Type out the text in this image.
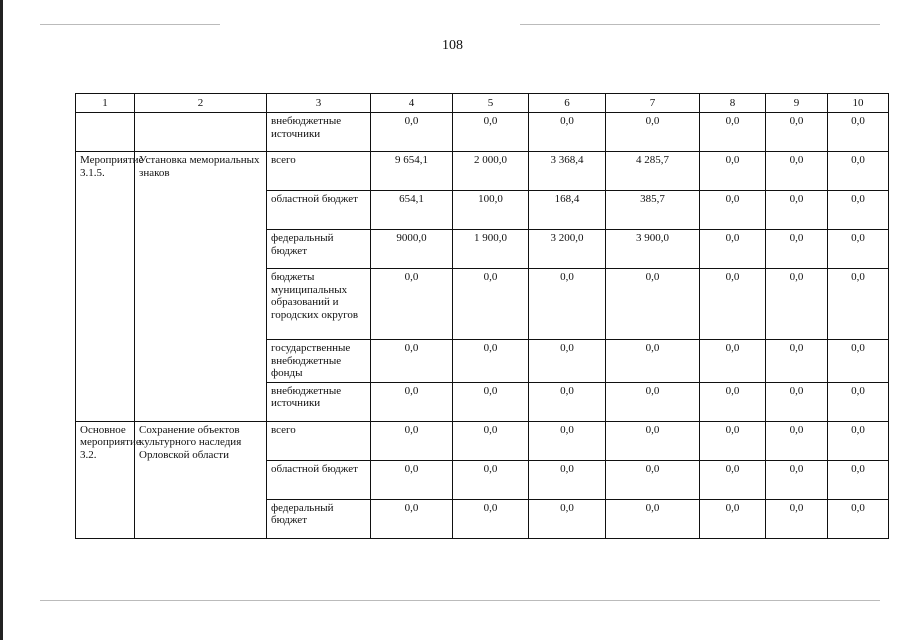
108
1	2	3	4	5	6	7	8	9	10
		внебюджетные источники	0,0	0,0	0,0	0,0	0,0	0,0	0,0
Мероприятие 3.1.5.	Установка мемориальных знаков	всего	9 654,1	2 000,0	3 368,4	4 285,7	0,0	0,0	0,0
		областной бюджет	654,1	100,0	168,4	385,7	0,0	0,0	0,0
		федеральный бюджет	9000,0	1 900,0	3 200,0	3 900,0	0,0	0,0	0,0
		бюджеты муниципальных образований и городских округов	0,0	0,0	0,0	0,0	0,0	0,0	0,0
		государственные внебюджетные фонды	0,0	0,0	0,0	0,0	0,0	0,0	0,0
		внебюджетные источники	0,0	0,0	0,0	0,0	0,0	0,0	0,0
Основное мероприятие 3.2.	Сохранение объектов культурного наследия Орловской области	всего	0,0	0,0	0,0	0,0	0,0	0,0	0,0
		областной бюджет	0,0	0,0	0,0	0,0	0,0	0,0	0,0
		федеральный бюджет	0,0	0,0	0,0	0,0	0,0	0,0	0,0
